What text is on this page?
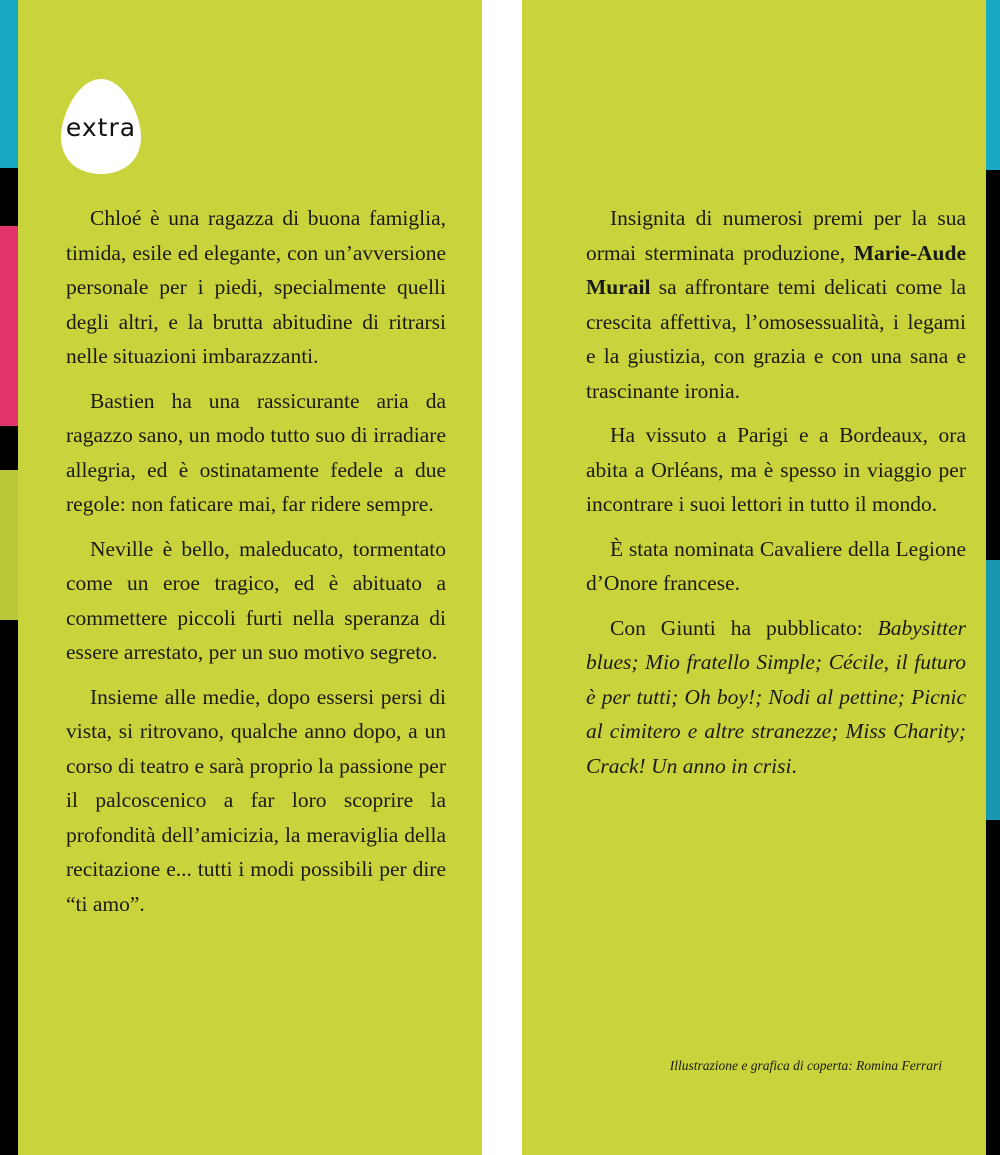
extra

Chloé è una ragazza di buona famiglia, timida, esile ed elegante, con un’avversione personale per i piedi, specialmente quelli degli altri, e la brutta abitudine di ritrarsi nelle situazioni imbarazzanti.

Bastien ha una rassicurante aria da ragazzo sano, un modo tutto suo di irradiare allegria, ed è ostinatamente fedele a due regole: non faticare mai, far ridere sempre.

Neville è bello, maleducato, tormentato come un eroe tragico, ed è abituato a commettere piccoli furti nella speranza di essere arrestato, per un suo motivo segreto.

Insieme alle medie, dopo essersi persi di vista, si ritrovano, qualche anno dopo, a un corso di teatro e sarà proprio la passione per il palcoscenico a far loro scoprire la profondità dell’amicizia, la meraviglia della recitazione e... tutti i modi possibili per dire “ti amo”.

Insignita di numerosi premi per la sua ormai sterminata produzione, Marie-Aude Murail sa affrontare temi delicati come la crescita affettiva, l’omosessualità, i legami e la giustizia, con grazia e con una sana e trascinante ironia.

Ha vissuto a Parigi e a Bordeaux, ora abita a Orléans, ma è spesso in viaggio per incontrare i suoi lettori in tutto il mondo.

È stata nominata Cavaliere della Legione d’Onore francese.

Con Giunti ha pubblicato: Babysitter blues; Mio fratello Simple; Cécile, il futuro è per tutti; Oh boy!; Nodi al pettine; Picnic al cimitero e altre stranezze; Miss Charity; Crack! Un anno in crisi.

Illustrazione e grafica di coperta: Romina Ferrari
